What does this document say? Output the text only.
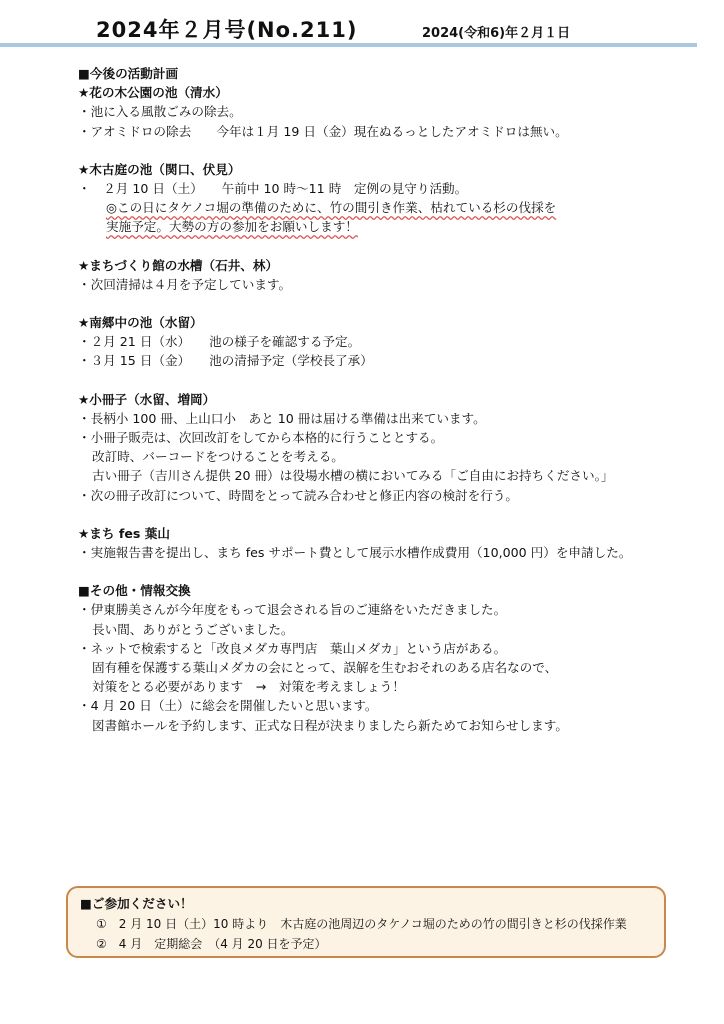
2024年２月号(No.211)	2024(令和6)年２月１日
■今後の活動計画
★花の木公園の池（清水）
・池に入る風散ごみの除去。
・アオミドロの除去　　今年は１月 19 日（金）現在ぬるっとしたアオミドロは無い。
★木古庭の池（関口、伏見）
・　２月 10 日（土）　　午前中 10 時～11 時　定例の見守り活動。
◎この日にタケノコ堀の準備のために、竹の間引き作業、枯れている杉の伐採を
実施予定。大勢の方の参加をお願いします！
★まちづくり館の水槽（石井、林）
・次回清掃は４月を予定しています。
★南郷中の池（水留）
・２月 21 日（水）　　池の様子を確認する予定。
・３月 15 日（金）　　池の清掃予定（学校長了承）
★小冊子（水留、増岡）
・長柄小 100 冊、上山口小　あと 10 冊は届ける準備は出来ています。
・小冊子販売は、次回改訂をしてから本格的に行うこととする。
改訂時、バーコードをつけることを考える。
古い冊子（吉川さん提供 20 冊）は役場水槽の横においてみる「ご自由にお持ちください。」
・次の冊子改訂について、時間をとって読み合わせと修正内容の検討を行う。
★まち fes 葉山
・実施報告書を提出し、まち fes サポート費として展示水槽作成費用（10,000 円）を申請した。
■その他・情報交換
・伊東勝美さんが今年度をもって退会される旨のご連絡をいただきました。
長い間、ありがとうございました。
・ネットで検索すると「改良メダカ専門店　葉山メダカ」という店がある。
固有種を保護する葉山メダカの会にとって、誤解を生むおそれのある店名なので、
対策をとる必要があります　→　対策を考えましょう！
・4 月 20 日（土）に総会を開催したいと思います。
図書館ホールを予約します、正式な日程が決まりましたら新ためてお知らせします。
■ご参加ください！
①　2 月 10 日（土）10 時より　木古庭の池周辺のタケノコ堀のための竹の間引きと杉の伐採作業
②　4 月　定期総会　（4 月 20 日を予定）
